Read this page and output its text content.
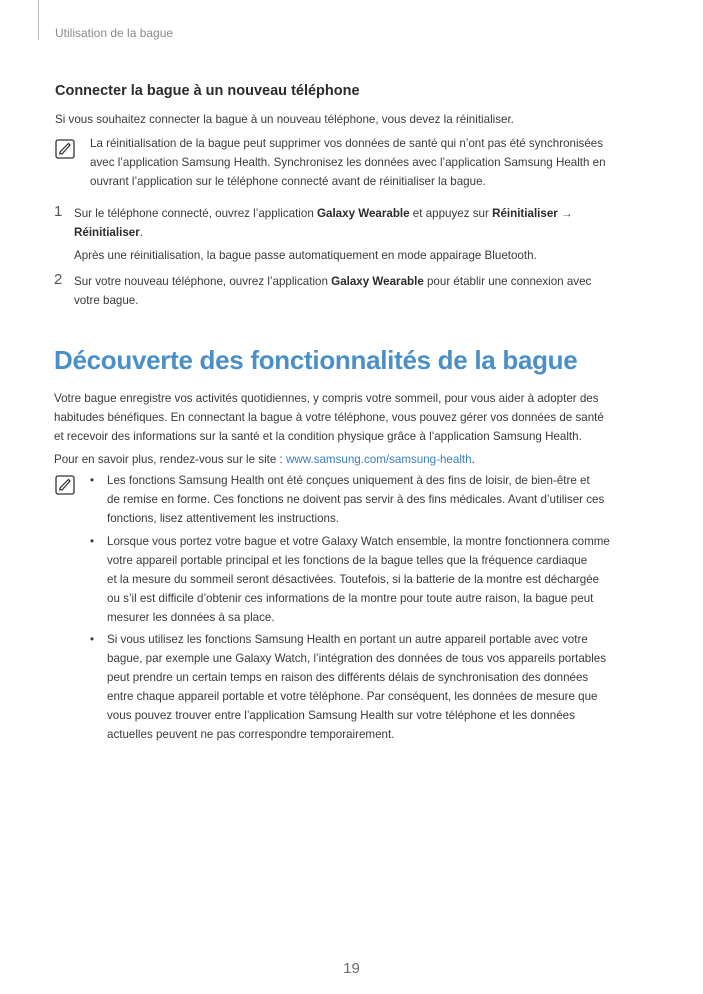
Utilisation de la bague
Connecter la bague à un nouveau téléphone

Si vous souhaitez connecter la bague à un nouveau téléphone, vous devez la réinitialiser.

La réinitialisation de la bague peut supprimer vos données de santé qui n’ont pas été synchronisées

avec l’application Samsung Health. Synchronisez les données avec l’application Samsung Health en

ouvrant l’application sur le téléphone connecté avant de réinitialiser la bague.

1 Sur le téléphone connecté, ouvrez l’application Galaxy Wearable et appuyez sur Réinitialiser →

Réinitialiser.

Après une réinitialisation, la bague passe automatiquement en mode appairage Bluetooth.

2 Sur votre nouveau téléphone, ouvrez l’application Galaxy Wearable pour établir une connexion avec

votre bague.

Découverte des fonctionnalités de la bague

Votre bague enregistre vos activités quotidiennes, y compris votre sommeil, pour vous aider à adopter des

habitudes bénéfiques. En connectant la bague à votre téléphone, vous pouvez gérer vos données de santé

et recevoir des informations sur la santé et la condition physique grâce à l’application Samsung Health.

Pour en savoir plus, rendez-vous sur le site : www.samsung.com/samsung-health.

• Les fonctions Samsung Health ont été conçues uniquement à des fins de loisir, de bien-être et

de remise en forme. Ces fonctions ne doivent pas servir à des fins médicales. Avant d’utiliser ces

fonctions, lisez attentivement les instructions.

• Lorsque vous portez votre bague et votre Galaxy Watch ensemble, la montre fonctionnera comme

votre appareil portable principal et les fonctions de la bague telles que la fréquence cardiaque

et la mesure du sommeil seront désactivées. Toutefois, si la batterie de la montre est déchargée

ou s’il est difficile d’obtenir ces informations de la montre pour toute autre raison, la bague peut

mesurer les données à sa place.

• Si vous utilisez les fonctions Samsung Health en portant un autre appareil portable avec votre

bague, par exemple une Galaxy Watch, l’intégration des données de tous vos appareils portables

peut prendre un certain temps en raison des différents délais de synchronisation des données

entre chaque appareil portable et votre téléphone. Par conséquent, les données de mesure que

vous pouvez trouver entre l’application Samsung Health sur votre téléphone et les données

actuelles peuvent ne pas correspondre temporairement.

19
